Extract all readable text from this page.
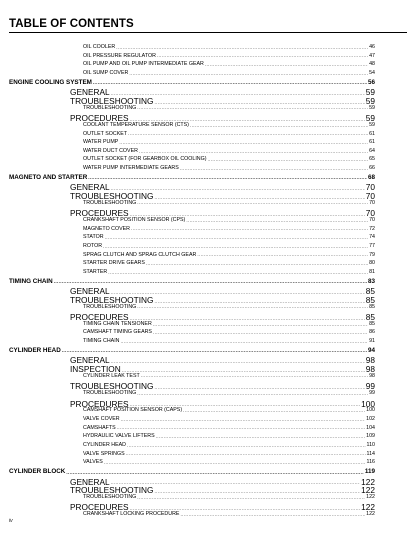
TABLE OF CONTENTS
OIL COOLER .....	46
OIL PRESSURE REGULATOR .....	47
OIL PUMP AND OIL PUMP INTERMEDIATE GEAR .....	48
OIL SUMP COVER .....	54
ENGINE COOLING SYSTEM .....	56
GENERAL .....	59
TROUBLESHOOTING .....	59
TROUBLESHOOTING .....	59
PROCEDURES .....	59
COOLANT TEMPERATURE SENSOR (CTS) .....	59
OUTLET SOCKET .....	61
WATER PUMP .....	61
WATER DUCT COVER .....	64
OUTLET SOCKET (FOR GEARBOX OIL COOLING) .....	65
WATER PUMP INTERMEDIATE GEARS .....	66
MAGNETO AND STARTER .....	68
GENERAL .....	70
TROUBLESHOOTING .....	70
TROUBLESHOOTING .....	70
PROCEDURES .....	70
CRANKSHAFT POSITION SENSOR (CPS) .....	70
MAGNETO COVER .....	72
STATOR .....	74
ROTOR .....	77
SPRAG CLUTCH AND SPRAG CLUTCH GEAR .....	79
STARTER DRIVE GEARS .....	80
STARTER .....	81
TIMING CHAIN .....	83
GENERAL .....	85
TROUBLESHOOTING .....	85
TROUBLESHOOTING .....	85
PROCEDURES .....	85
TIMING CHAIN TENSIONER .....	85
CAMSHAFT TIMING GEARS .....	86
TIMING CHAIN .....	91
CYLINDER HEAD .....	94
GENERAL .....	98
INSPECTION .....	98
CYLINDER LEAK TEST .....	98
TROUBLESHOOTING .....	99
TROUBLESHOOTING .....	99
PROCEDURES .....	100
CAMSHAFT POSITION SENSOR (CAPS) .....	100
VALVE COVER .....	102
CAMSHAFTS .....	104
HYDRAULIC VALVE LIFTERS .....	109
CYLINDER HEAD .....	110
VALVE SPRINGS .....	114
VALVES .....	116
CYLINDER BLOCK .....	119
GENERAL .....	122
TROUBLESHOOTING .....	122
TROUBLESHOOTING .....	122
PROCEDURES .....	122
CRANKSHAFT LOCKING PROCEDURE .....	122
iv
